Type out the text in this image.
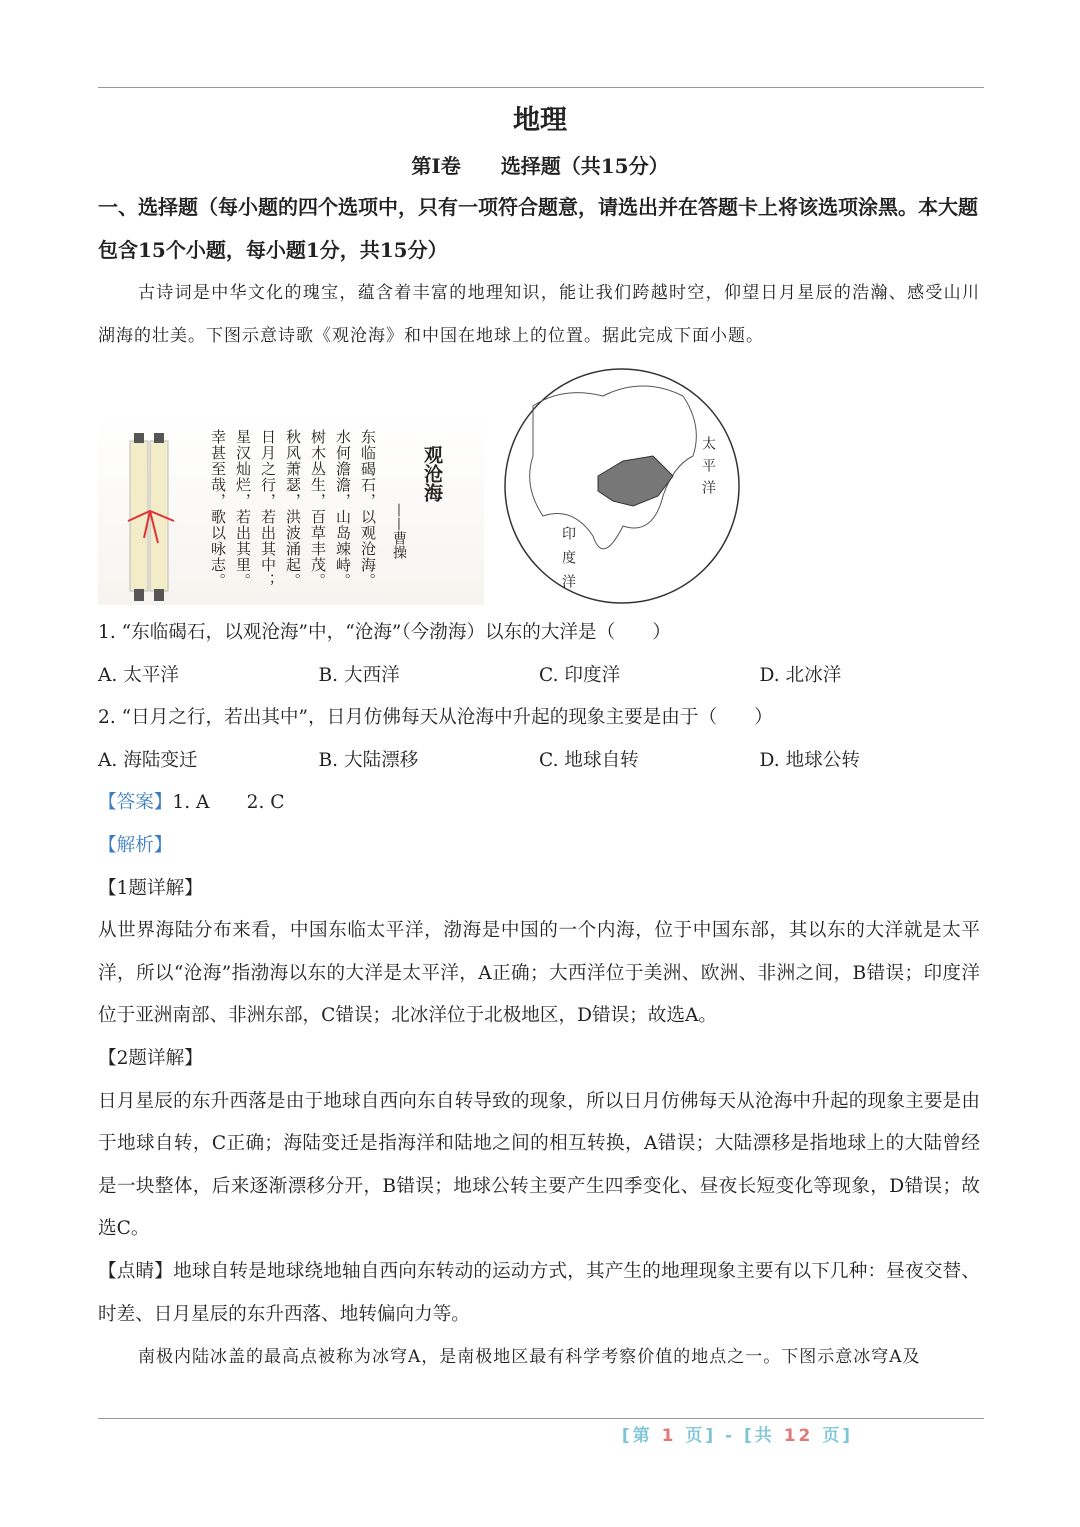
地理
第Ⅰ卷　　选择题（共15分）
一、选择题（每小题的四个选项中，只有一项符合题意，请选出并在答题卡上将该选项涂黑。本大题包含15个小题，每小题1分，共15分）
古诗词是中华文化的瑰宝，蕴含着丰富的地理知识，能让我们跨越时空，仰望日月星辰的浩瀚、感受山川湖海的壮美。下图示意诗歌《观沧海》和中国在地球上的位置。据此完成下面小题。
观沧海
——曹操
东临碣石，以观沧海。
水何澹澹，山岛竦峙。
树木丛生，百草丰茂。
秋风萧瑟，洪波涌起。
日月之行，若出其中；
星汉灿烂，若出其里。
幸甚至哉，歌以咏志。	太平洋
印度洋
1. “东临碣石，以观沧海”中，“沧海”（今渤海）以东的大洋是（　　）
A. 太平洋	B. 大西洋	C. 印度洋	D. 北冰洋
2. “日月之行，若出其中”，日月仿佛每天从沧海中升起的现象主要是由于（　　）
A. 海陆变迁	B. 大陆漂移	C. 地球自转	D. 地球公转
【答案】1. A　　2. C
【解析】
【1题详解】
从世界海陆分布来看，中国东临太平洋，渤海是中国的一个内海，位于中国东部，其以东的大洋就是太平洋，所以“沧海”指渤海以东的大洋是太平洋，A正确；大西洋位于美洲、欧洲、非洲之间，B错误；印度洋位于亚洲南部、非洲东部，C错误；北冰洋位于北极地区，D错误；故选A。
【2题详解】
日月星辰的东升西落是由于地球自西向东自转导致的现象，所以日月仿佛每天从沧海中升起的现象主要是由于地球自转，C正确；海陆变迁是指海洋和陆地之间的相互转换，A错误；大陆漂移是指地球上的大陆曾经是一块整体，后来逐渐漂移分开，B错误；地球公转主要产生四季变化、昼夜长短变化等现象，D错误；故选C。
【点睛】地球自转是地球绕地轴自西向东转动的运动方式，其产生的地理现象主要有以下几种：昼夜交替、时差、日月星辰的东升西落、地转偏向力等。
南极内陆冰盖的最高点被称为冰穹A，是南极地区最有科学考察价值的地点之一。下图示意冰穹A及
[第 1 页] - [共 12 页]
